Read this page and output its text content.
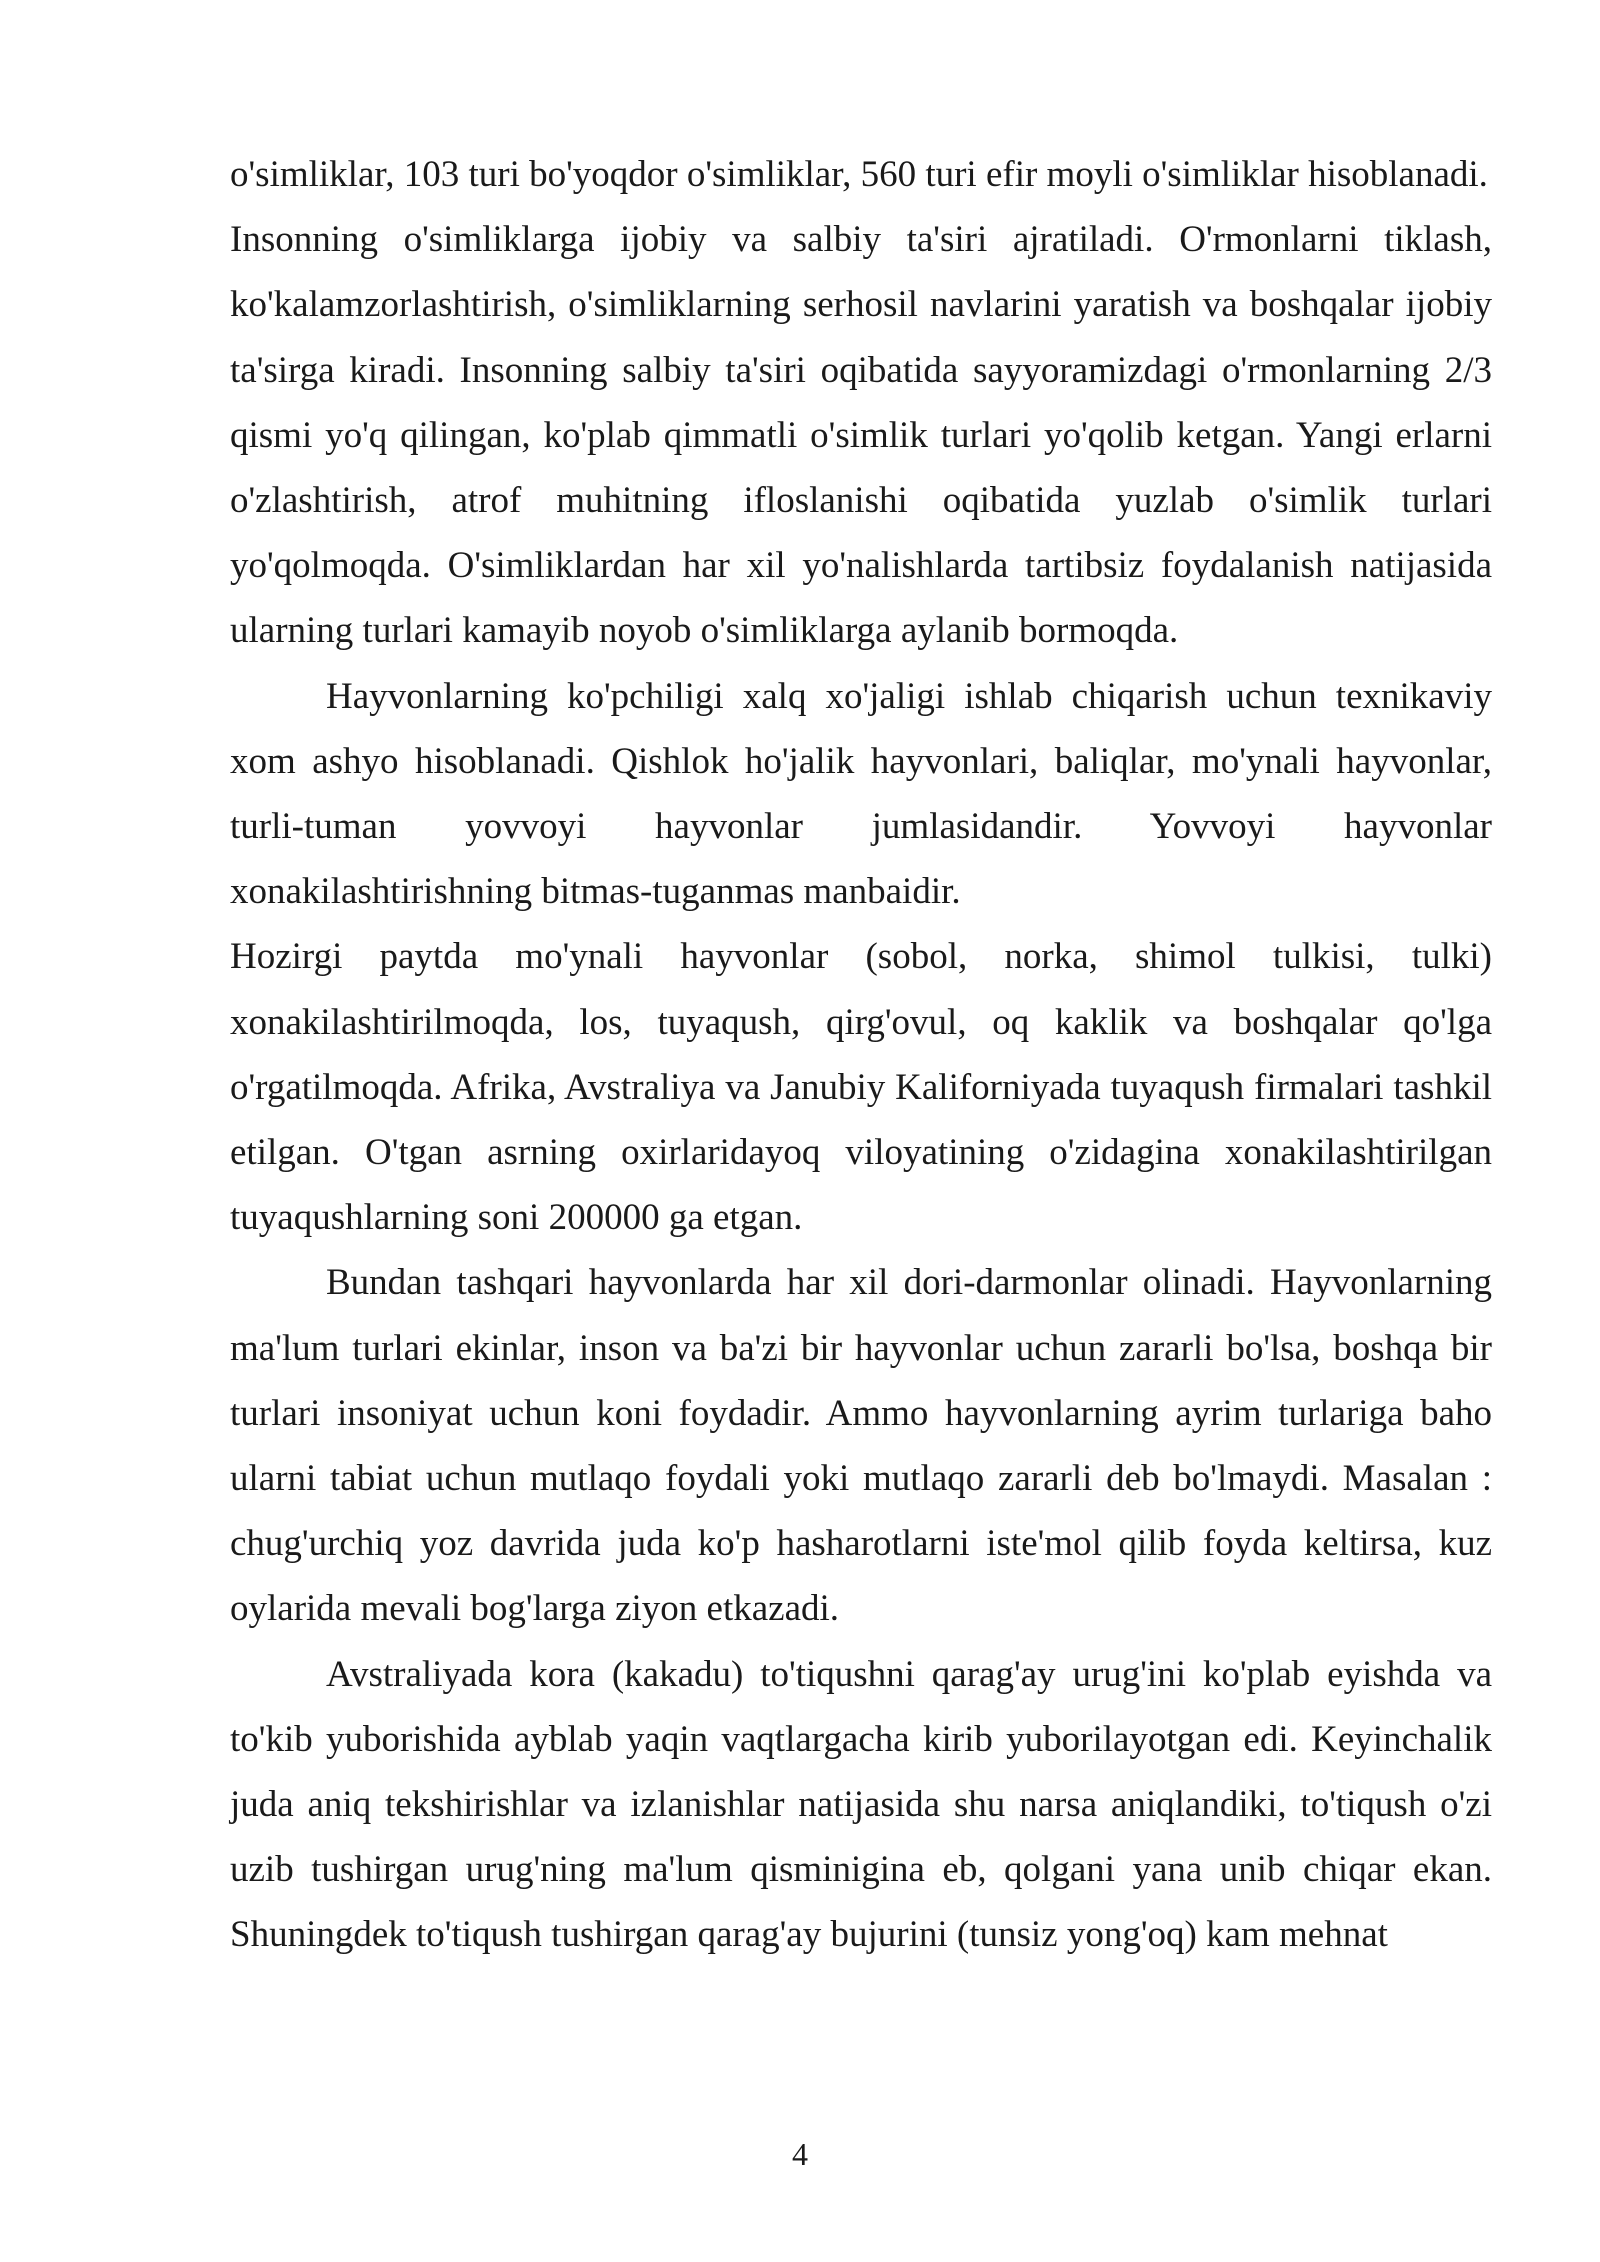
o'simliklar, 103 turi bo'yoqdor o'simliklar, 560 turi efir moyli o'simliklar hisoblanadi.

Insonning o'simliklarga ijobiy va salbiy ta'siri ajratiladi. O'rmonlarni tiklash, ko'kalamzorlashtirish, o'simliklarning serhosil navlarini yaratish va boshqalar ijobiy ta'sirga kiradi. Insonning salbiy ta'siri oqibatida sayyoramizdagi o'rmonlarning 2/3 qismi yo'q qilingan, ko'plab qimmatli o'simlik turlari yo'qolib ketgan. Yangi erlarni o'zlashtirish, atrof muhitning ifloslanishi oqibatida yuzlab o'simlik turlari yo'qolmoqda. O'simliklardan har xil yo'nalishlarda tartibsiz foydalanish natijasida ularning turlari kamayib noyob o'simliklarga aylanib bormoqda.

Hayvonlarning ko'pchiligi xalq xo'jaligi ishlab chiqarish uchun texnikaviy xom ashyo hisoblanadi. Qishlok ho'jalik hayvonlari, baliqlar, mo'ynali hayvonlar, turli-tuman yovvoyi hayvonlar jumlasidandir. Yovvoyi hayvonlar xonakilashtirishning bitmas-tuganmas manbaidir.

Hozirgi paytda mo'ynali hayvonlar (sobol, norka, shimol tulkisi, tulki) xonakilashtirilmoqda, los, tuyaqush, qirg'ovul, oq kaklik va boshqalar qo'lga o'rgatilmoqda. Afrika, Avstraliya va Janubiy Kaliforniyada tuyaqush firmalari tashkil etilgan. O'tgan asrning oxirlaridayoq viloyatining o'zidagina xonakilashtirilgan tuyaqushlarning soni 200000 ga etgan.

Bundan tashqari hayvonlarda har xil dori-darmonlar olinadi. Hayvonlarning ma'lum turlari ekinlar, inson va ba'zi bir hayvonlar uchun zararli bo'lsa, boshqa bir turlari insoniyat uchun koni foydadir. Ammo hayvonlarning ayrim turlariga baho ularni tabiat uchun mutlaqo foydali yoki mutlaqo zararli deb bo'lmaydi. Masalan : chug'urchiq yoz davrida juda ko'p hasharotlarni iste'mol qilib foyda keltirsa, kuz oylarida mevali bog'larga ziyon etkazadi.

Avstraliyada kora (kakadu) to'tiqushni qarag'ay urug'ini ko'plab eyishda va to'kib yuborishida ayblab yaqin vaqtlargacha kirib yuborilayotgan edi. Keyinchalik juda aniq tekshirishlar va izlanishlar natijasida shu narsa aniqlandiki, to'tiqush o'zi uzib tushirgan urug'ning ma'lum qisminigina eb, qolgani yana unib chiqar ekan. Shuningdek to'tiqush tushirgan qarag'ay bujurini (tunsiz yong'oq) kam mehnat

4
